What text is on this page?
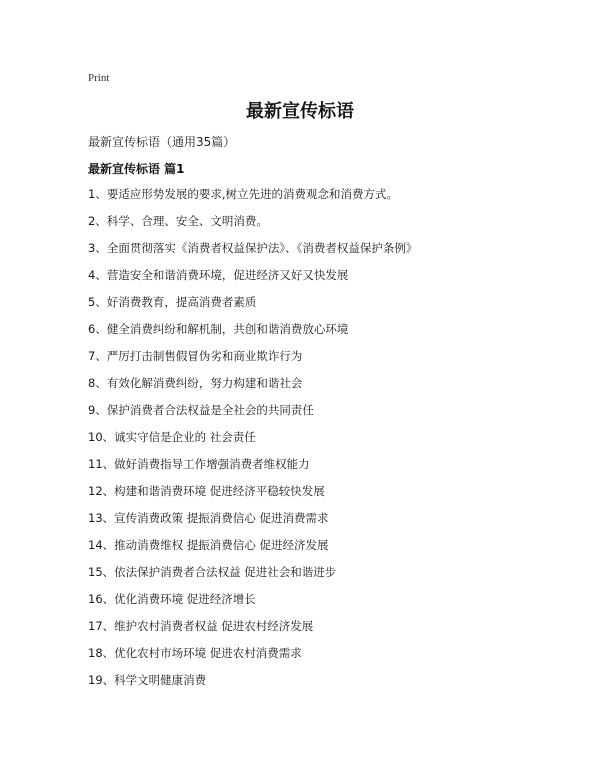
Print
最新宣传标语
最新宣传标语（通用35篇）
最新宣传标语 篇1
1、要适应形势发展的要求,树立先进的消费观念和消费方式。
2、科学、合理、安全、文明消费。
3、全面贯彻落实《消费者权益保护法》、《消费者权益保护条例》
4、营造安全和谐消费环境，促进经济又好又快发展
5、好消费教育，提高消费者素质
6、健全消费纠纷和解机制，共创和谐消费放心环境
7、严厉打击制售假冒伪劣和商业欺诈行为
8、有效化解消费纠纷，努力构建和谐社会
9、保护消费者合法权益是全社会的共同责任
10、诚实守信是企业的 社会责任
11、做好消费指导工作增强消费者维权能力
12、构建和谐消费环境 促进经济平稳较快发展
13、宣传消费政策 提振消费信心 促进消费需求
14、推动消费维权 提振消费信心 促进经济发展
15、依法保护消费者合法权益 促进社会和谐进步
16、优化消费环境 促进经济增长
17、维护农村消费者权益 促进农村经济发展
18、优化农村市场环境 促进农村消费需求
19、科学文明健康消费
